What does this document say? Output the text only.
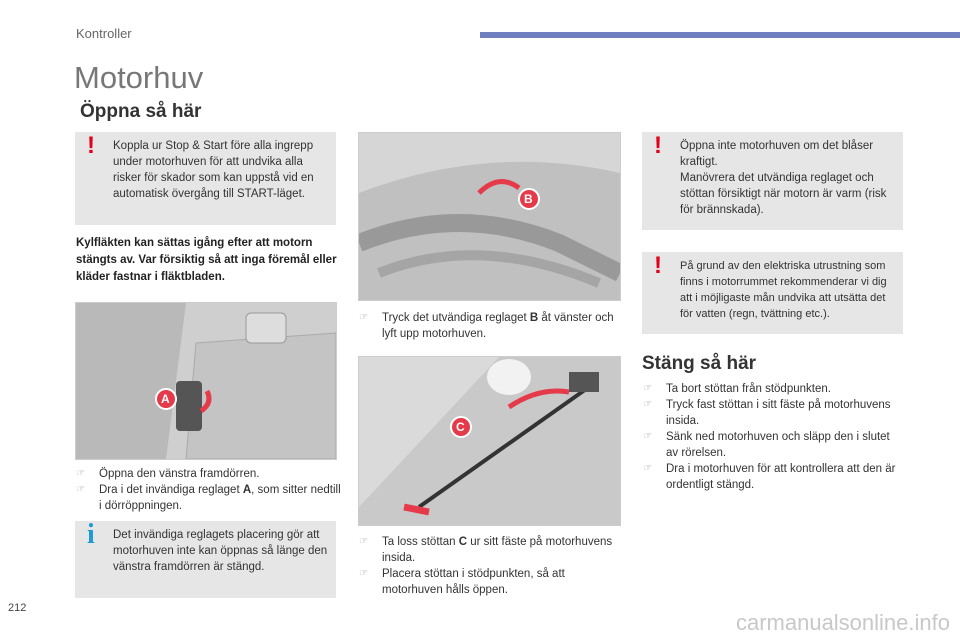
Kontroller
Motorhuv
Öppna så här
! Koppla ur Stop & Start före alla ingrepp under motorhuven för att undvika alla risker för skador som kan uppstå vid en automatisk övergång till START-läget.
Kylfläkten kan sättas igång efter att motorn stängts av. Var försiktig så att inga föremål eller kläder fastnar i fläktbladen.
A
☞ Öppna den vänstra framdörren.
☞ Dra i det invändiga reglaget A, som sitter nedtill i dörröppningen.
i Det invändiga reglagets placering gör att motorhuven inte kan öppnas så länge den vänstra framdörren är stängd.
B
☞ Tryck det utvändiga reglaget B åt vänster och lyft upp motorhuven.
C
☞ Ta loss stöttan C ur sitt fäste på motorhuvens insida.
☞ Placera stöttan i stödpunkten, så att motorhuven hålls öppen.
! Öppna inte motorhuven om det blåser kraftigt.
Manövrera det utvändiga reglaget och stöttan försiktigt när motorn är varm (risk för brännskada).
! På grund av den elektriska utrustning som finns i motorrummet rekommenderar vi dig att i möjligaste mån undvika att utsätta det för vatten (regn, tvättning etc.).
Stäng så här
☞ Ta bort stöttan från stödpunkten.
☞ Tryck fast stöttan i sitt fäste på motorhuvens insida.
☞ Sänk ned motorhuven och släpp den i slutet av rörelsen.
☞ Dra i motorhuven för att kontrollera att den är ordentligt stängd.
212
carmanualsonline.info
